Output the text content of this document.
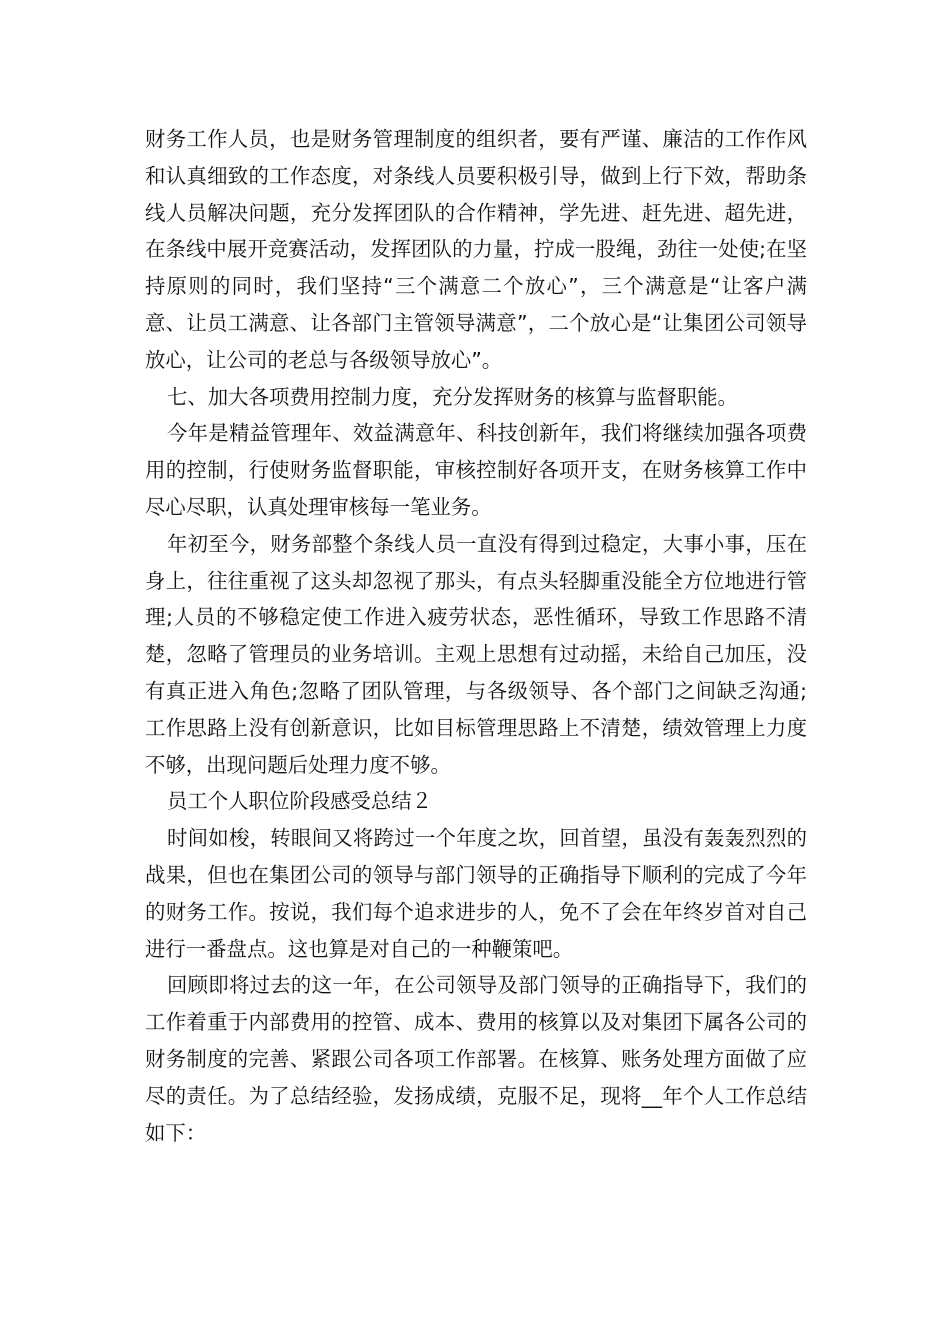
财务工作人员，也是财务管理制度的组织者，要有严谨、廉洁的工作作风和认真细致的工作态度，对条线人员要积极引导，做到上行下效，帮助条线人员解决问题，充分发挥团队的合作精神，学先进、赶先进、超先进，在条线中展开竞赛活动，发挥团队的力量，拧成一股绳，劲往一处使;在坚持原则的同时，我们坚持“三个满意二个放心”，三个满意是“让客户满意、让员工满意、让各部门主管领导满意”，二个放心是“让集团公司领导放心，让公司的老总与各级领导放心”。

七、加大各项费用控制力度，充分发挥财务的核算与监督职能。

今年是精益管理年、效益满意年、科技创新年，我们将继续加强各项费用的控制，行使财务监督职能，审核控制好各项开支，在财务核算工作中尽心尽职，认真处理审核每一笔业务。

年初至今，财务部整个条线人员一直没有得到过稳定，大事小事，压在身上，往往重视了这头却忽视了那头，有点头轻脚重没能全方位地进行管理;人员的不够稳定使工作进入疲劳状态，恶性循环，导致工作思路不清楚，忽略了管理员的业务培训。主观上思想有过动摇，未给自己加压，没有真正进入角色;忽略了团队管理，与各级领导、各个部门之间缺乏沟通;工作思路上没有创新意识，比如目标管理思路上不清楚，绩效管理上力度不够，出现问题后处理力度不够。

员工个人职位阶段感受总结２

时间如梭，转眼间又将跨过一个年度之坎，回首望，虽没有轰轰烈烈的战果，但也在集团公司的领导与部门领导的正确指导下顺利的完成了今年的财务工作。按说，我们每个追求进步的人，免不了会在年终岁首对自己进行一番盘点。这也算是对自己的一种鞭策吧。

回顾即将过去的这一年，在公司领导及部门领导的正确指导下，我们的工作着重于内部费用的控管、成本、费用的核算以及对集团下属各公司的财务制度的完善、紧跟公司各项工作部署。在核算、账务处理方面做了应尽的责任。为了总结经验，发扬成绩，克服不足，现将__年个人工作总结如下：
